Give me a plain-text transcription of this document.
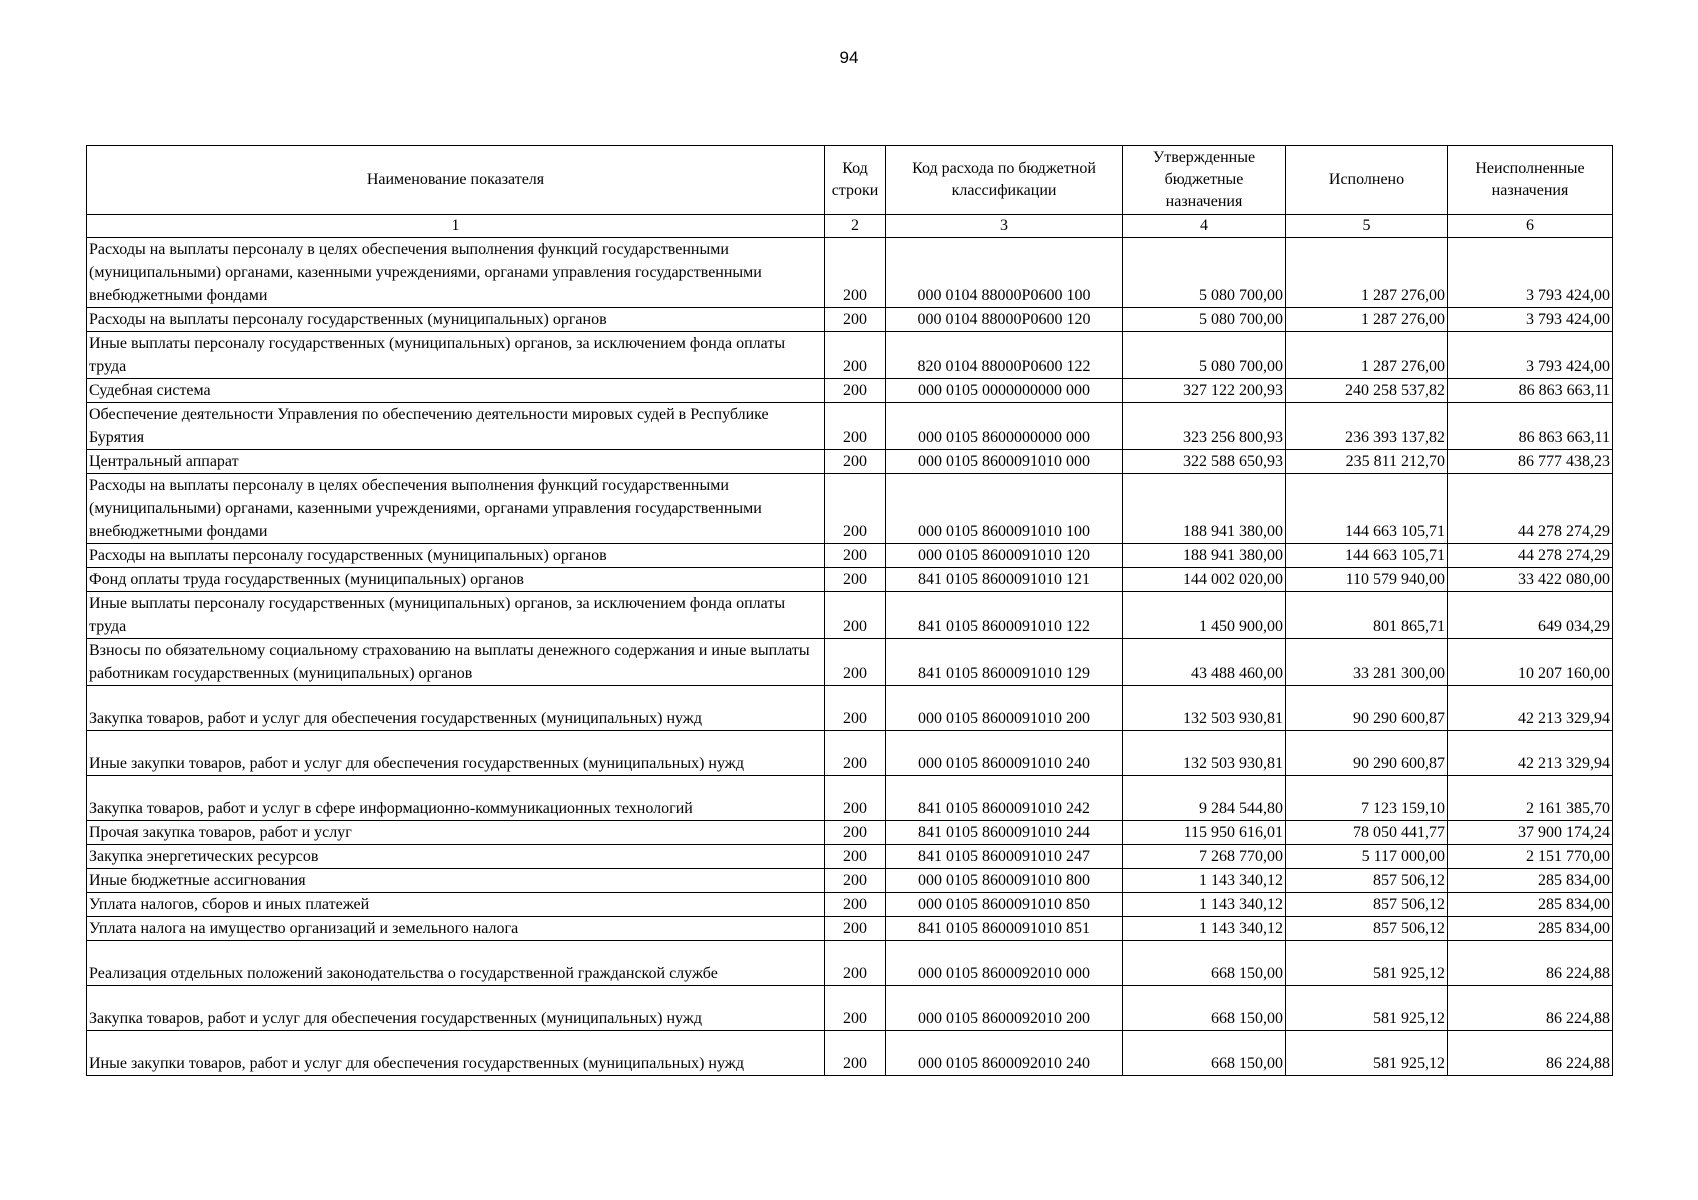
94
Наименование показателя	Код строки	Код расхода по бюджетной классификации	Утвержденные бюджетные назначения	Исполнено	Неисполненные назначения
1	2	3	4	5	6
Расходы на выплаты персоналу в целях обеспечения выполнения функций государственными (муниципальными) органами, казенными учреждениями, органами управления государственными внебюджетными фондами	200	000 0104 88000Р0600 100	5 080 700,00	1 287 276,00	3 793 424,00
Расходы на выплаты персоналу государственных (муниципальных) органов	200	000 0104 88000Р0600 120	5 080 700,00	1 287 276,00	3 793 424,00
Иные выплаты персоналу государственных (муниципальных) органов, за исключением фонда оплаты труда	200	820 0104 88000Р0600 122	5 080 700,00	1 287 276,00	3 793 424,00
Судебная система	200	000 0105 0000000000 000	327 122 200,93	240 258 537,82	86 863 663,11
Обеспечение деятельности Управления по обеспечению деятельности мировых судей в Республике Бурятия	200	000 0105 8600000000 000	323 256 800,93	236 393 137,82	86 863 663,11
Центральный аппарат	200	000 0105 8600091010 000	322 588 650,93	235 811 212,70	86 777 438,23
Расходы на выплаты персоналу в целях обеспечения выполнения функций государственными (муниципальными) органами, казенными учреждениями, органами управления государственными внебюджетными фондами	200	000 0105 8600091010 100	188 941 380,00	144 663 105,71	44 278 274,29
Расходы на выплаты персоналу государственных (муниципальных) органов	200	000 0105 8600091010 120	188 941 380,00	144 663 105,71	44 278 274,29
Фонд оплаты труда государственных (муниципальных) органов	200	841 0105 8600091010 121	144 002 020,00	110 579 940,00	33 422 080,00
Иные выплаты персоналу государственных (муниципальных) органов, за исключением фонда оплаты труда	200	841 0105 8600091010 122	1 450 900,00	801 865,71	649 034,29
Взносы по обязательному социальному страхованию на выплаты денежного содержания и иные выплаты работникам государственных (муниципальных) органов	200	841 0105 8600091010 129	43 488 460,00	33 281 300,00	10 207 160,00
Закупка товаров, работ и услуг для обеспечения государственных (муниципальных) нужд	200	000 0105 8600091010 200	132 503 930,81	90 290 600,87	42 213 329,94
Иные закупки товаров, работ и услуг для обеспечения государственных (муниципальных) нужд	200	000 0105 8600091010 240	132 503 930,81	90 290 600,87	42 213 329,94
Закупка товаров, работ и услуг в сфере информационно-коммуникационных технологий	200	841 0105 8600091010 242	9 284 544,80	7 123 159,10	2 161 385,70
Прочая закупка товаров, работ и услуг	200	841 0105 8600091010 244	115 950 616,01	78 050 441,77	37 900 174,24
Закупка энергетических ресурсов	200	841 0105 8600091010 247	7 268 770,00	5 117 000,00	2 151 770,00
Иные бюджетные ассигнования	200	000 0105 8600091010 800	1 143 340,12	857 506,12	285 834,00
Уплата налогов, сборов и иных платежей	200	000 0105 8600091010 850	1 143 340,12	857 506,12	285 834,00
Уплата налога на имущество организаций и земельного налога	200	841 0105 8600091010 851	1 143 340,12	857 506,12	285 834,00
Реализация отдельных положений законодательства о государственной гражданской службе	200	000 0105 8600092010 000	668 150,00	581 925,12	86 224,88
Закупка товаров, работ и услуг для обеспечения государственных (муниципальных) нужд	200	000 0105 8600092010 200	668 150,00	581 925,12	86 224,88
Иные закупки товаров, работ и услуг для обеспечения государственных (муниципальных) нужд	200	000 0105 8600092010 240	668 150,00	581 925,12	86 224,88
